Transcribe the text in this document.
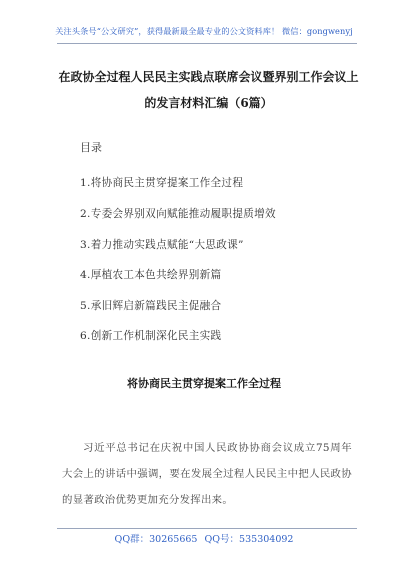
关注头条号“公文研究”，获得最新最全最专业的公文资料库！ 微信：gongwenyj
在政协全过程人民民主实践点联席会议暨界别工作会议上的发言材料汇编（6篇）
目录
1.将协商民主贯穿提案工作全过程
2.专委会界别双向赋能推动履职提质增效
3.着力推动实践点赋能“大思政课”
4.厚植农工本色共绘界别新篇
5.承旧辉启新篇践民主促融合
6.创新工作机制深化民主实践
将协商民主贯穿提案工作全过程
习近平总书记在庆祝中国人民政协协商会议成立75周年大会上的讲话中强调，要在发展全过程人民民主中把人民政协的显著政治优势更加充分发挥出来。
QQ群：30265665 QQ号：535304092
